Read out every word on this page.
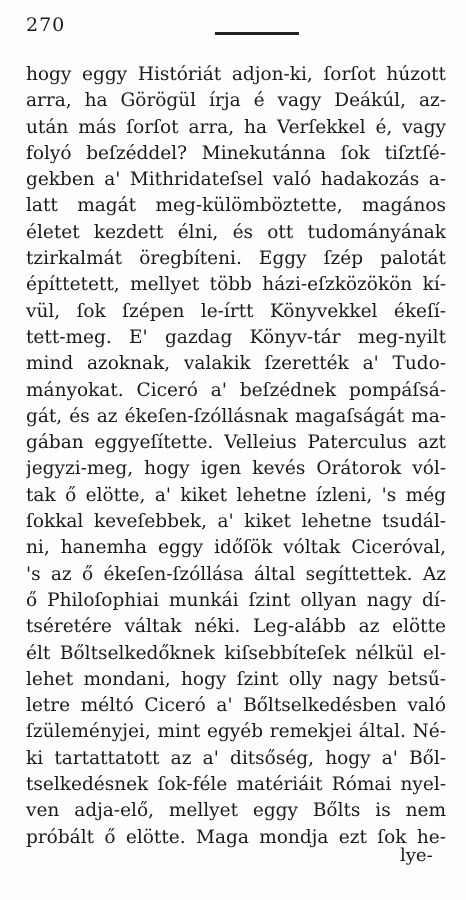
270
hogy eggy Históriát adjon-ki, ſorſot húzott
arra, ha Görögül írja é vagy Deákúl, az-
után más ſorſot arra, ha Verſekkel é, vagy
folyó beſzéddel? Minekutánna ſok tiſztſé-
gekben a' Mithridateſsel való hadakozás a-
latt magát meg-külömböztette, magános
életet kezdett élni, és ott tudományának
tzirkalmát öregbíteni. Eggy ſzép palotát
építtetett, mellyet több házi-eſzközökön kí-
vül, ſok ſzépen le-írtt Könyvekkel ékeſí-
tett-meg. E' gazdag Könyv-tár meg-nyilt
mind azoknak, valakik ſzerették a' Tudo-
mányokat. Ciceró a' beſzédnek pompáſsá-
gát, és az ékeſen-ſzóllásnak magaſságát ma-
gában eggyeſítette. Velleius Paterculus azt
jegyzi-meg, hogy igen kevés Orátorok vól-
tak ő elötte, a' kiket lehetne ízleni, 's még
ſokkal keveſebbek, a' kiket lehetne tsudál-
ni, hanemha eggy időſök vóltak Ciceróval,
's az ő ékeſen-ſzóllása által segíttettek. Az
ő Philoſophiai munkái ſzint ollyan nagy dí-
tséretére váltak néki. Leg-alább az elötte
élt Bőltselkedőknek kiſsebbíteſek nélkül el-
lehet mondani, hogy ſzint olly nagy betsű-
letre méltó Ciceró a' Bőltselkedésben való
ſzüleményjei, mint egyéb remekjei által. Né-
ki tartattatott az a' ditsőség, hogy a' Ből-
tselkedésnek ſok-féle matériáit Római nyel-
ven adja-elő, mellyet eggy Bőlts is nem
próbált ő elötte. Maga mondja ezt ſok he-
lye-
